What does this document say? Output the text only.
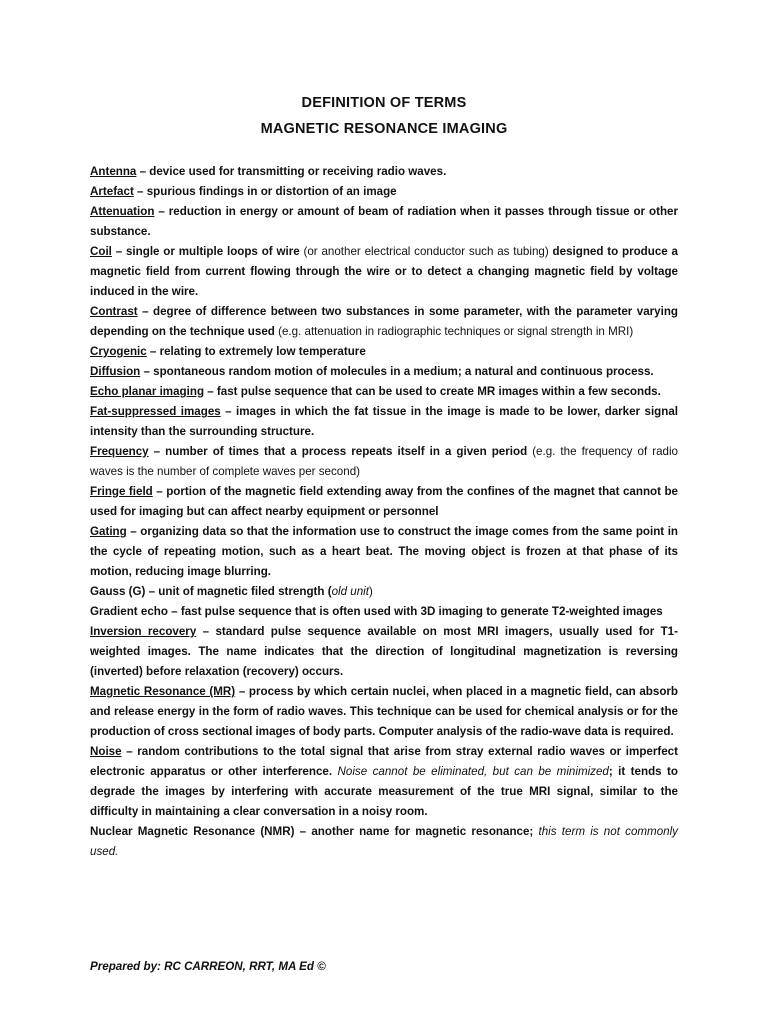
DEFINITION OF TERMS
MAGNETIC RESONANCE IMAGING

Antenna – device used for transmitting or receiving radio waves.

Artefact – spurious findings in or distortion of an image

Attenuation – reduction in energy or amount of beam of radiation when it passes through tissue or other substance.

Coil – single or multiple loops of wire (or another electrical conductor such as tubing) designed to produce a magnetic field from current flowing through the wire or to detect a changing magnetic field by voltage induced in the wire.

Contrast – degree of difference between two substances in some parameter, with the parameter varying depending on the technique used (e.g. attenuation in radiographic techniques or signal strength in MRI)

Cryogenic – relating to extremely low temperature

Diffusion – spontaneous random motion of molecules in a medium; a natural and continuous process.

Echo planar imaging – fast pulse sequence that can be used to create MR images within a few seconds.

Fat-suppressed images – images in which the fat tissue in the image is made to be lower, darker signal intensity than the surrounding structure.

Frequency – number of times that a process repeats itself in a given period (e.g. the frequency of radio waves is the number of complete waves per second)

Fringe field – portion of the magnetic field extending away from the confines of the magnet that cannot be used for imaging but can affect nearby equipment or personnel

Gating – organizing data so that the information use to construct the image comes from the same point in the cycle of repeating motion, such as a heart beat. The moving object is frozen at that phase of its motion, reducing image blurring.

Gauss (G) – unit of magnetic filed strength (old unit)

Gradient echo – fast pulse sequence that is often used with 3D imaging to generate T2-weighted images

Inversion recovery – standard pulse sequence available on most MRI imagers, usually used for T1-weighted images. The name indicates that the direction of longitudinal magnetization is reversing (inverted) before relaxation (recovery) occurs.

Magnetic Resonance (MR) – process by which certain nuclei, when placed in a magnetic field, can absorb and release energy in the form of radio waves. This technique can be used for chemical analysis or for the production of cross sectional images of body parts. Computer analysis of the radio-wave data is required.

Noise – random contributions to the total signal that arise from stray external radio waves or imperfect electronic apparatus or other interference. Noise cannot be eliminated, but can be minimized; it tends to degrade the images by interfering with accurate measurement of the true MRI signal, similar to the difficulty in maintaining a clear conversation in a noisy room.

Nuclear Magnetic Resonance (NMR) – another name for magnetic resonance; this term is not commonly used.

Prepared by: RC CARREON, RRT, MA Ed ©
